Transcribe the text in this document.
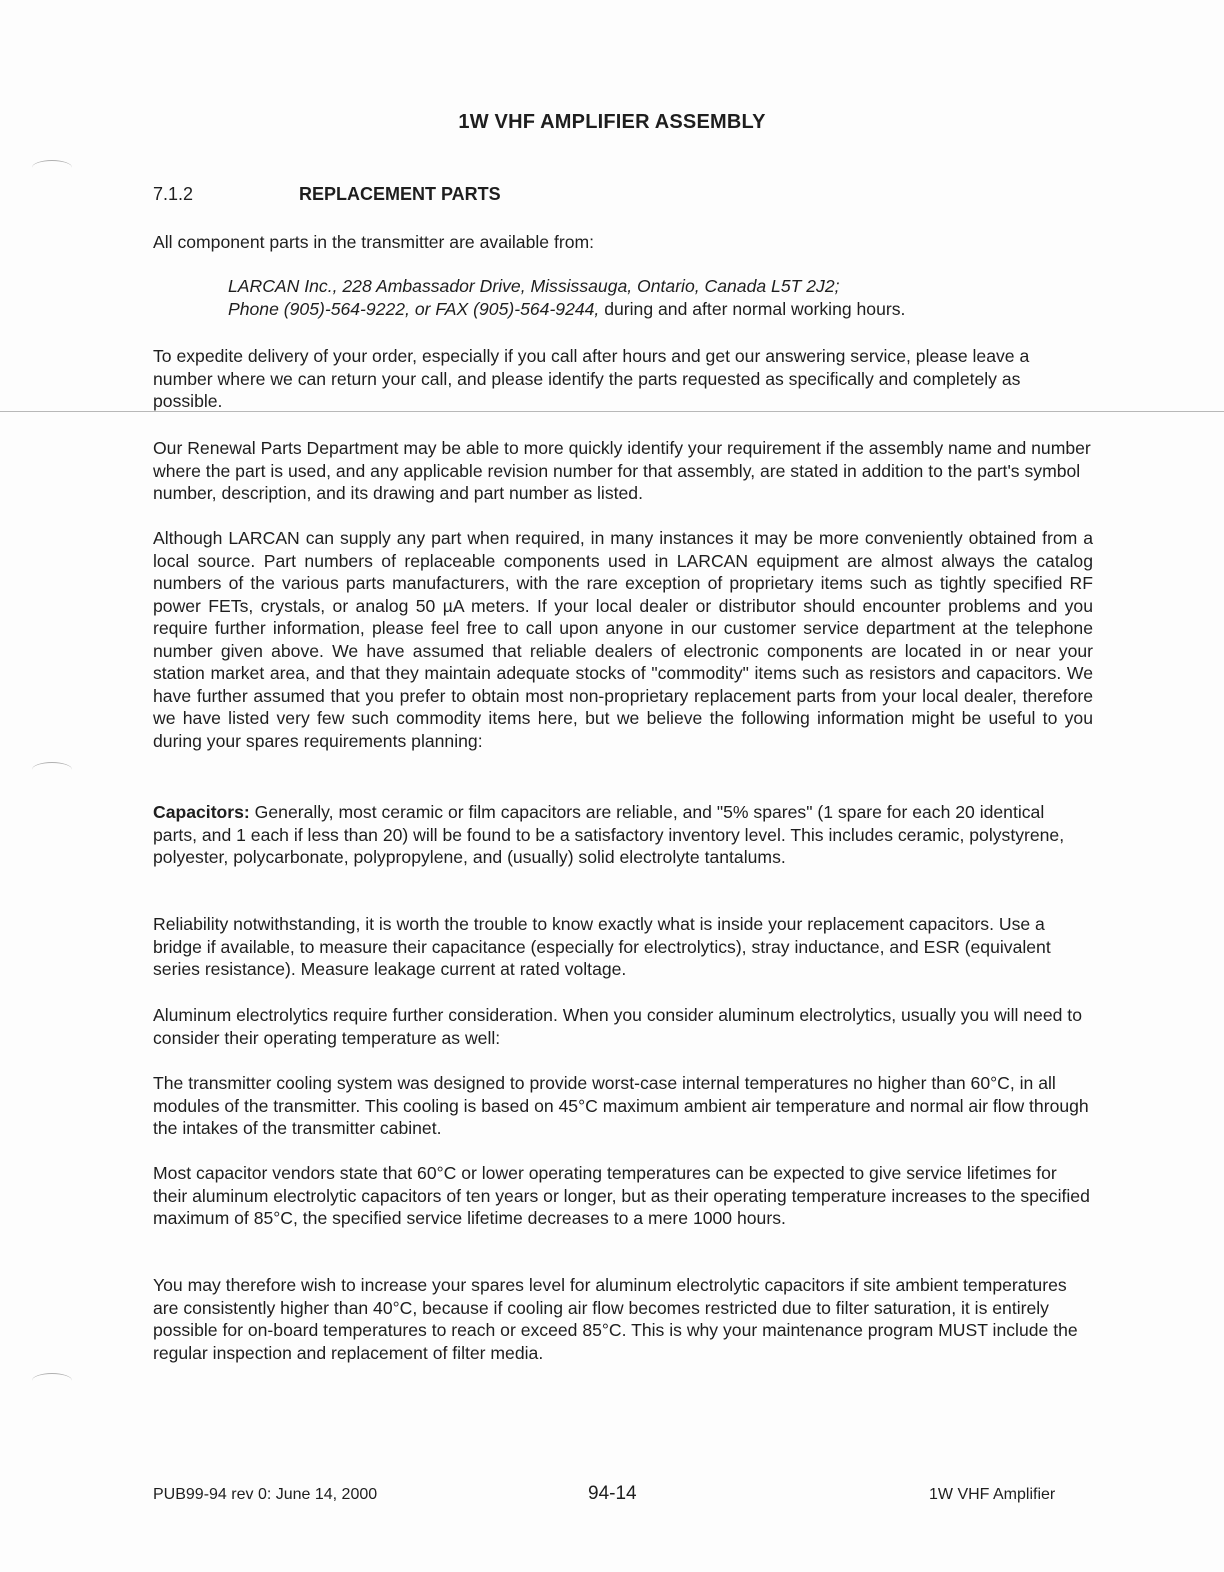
1W VHF AMPLIFIER ASSEMBLY
7.1.2	REPLACEMENT PARTS

All component parts in the transmitter are available from:

LARCAN Inc., 228 Ambassador Drive, Mississauga, Ontario, Canada L5T 2J2;
Phone (905)-564-9222, or FAX (905)-564-9244, during and after normal working hours.

To expedite delivery of your order, especially if you call after hours and get our answering service, please leave a number where we can return your call, and please identify the parts requested as specifically and completely as possible.

Our Renewal Parts Department may be able to more quickly identify your requirement if the assembly name and number where the part is used, and any applicable revision number for that assembly, are stated in addition to the part's symbol number, description, and its drawing and part number as listed.

Although LARCAN can supply any part when required, in many instances it may be more conveniently obtained from a local source. Part numbers of replaceable components used in LARCAN equipment are almost always the catalog numbers of the various parts manufacturers, with the rare exception of proprietary items such as tightly specified RF power FETs, crystals, or analog 50 µA meters. If your local dealer or distributor should encounter problems and you require further information, please feel free to call upon anyone in our customer service department at the telephone number given above. We have assumed that reliable dealers of electronic components are located in or near your station market area, and that they maintain adequate stocks of "commodity" items such as resistors and capacitors. We have further assumed that you prefer to obtain most non-proprietary replacement parts from your local dealer, therefore we have listed very few such commodity items here, but we believe the following information might be useful to you during your spares requirements planning:

Capacitors: Generally, most ceramic or film capacitors are reliable, and "5% spares" (1 spare for each 20 identical parts, and 1 each if less than 20) will be found to be a satisfactory inventory level. This includes ceramic, polystyrene, polyester, polycarbonate, polypropylene, and (usually) solid electrolyte tantalums.

Reliability notwithstanding, it is worth the trouble to know exactly what is inside your replacement capacitors. Use a bridge if available, to measure their capacitance (especially for electrolytics), stray inductance, and ESR (equivalent series resistance). Measure leakage current at rated voltage.

Aluminum electrolytics require further consideration. When you consider aluminum electrolytics, usually you will need to consider their operating temperature as well:

The transmitter cooling system was designed to provide worst-case internal temperatures no higher than 60°C, in all modules of the transmitter. This cooling is based on 45°C maximum ambient air temperature and normal air flow through the intakes of the transmitter cabinet.

Most capacitor vendors state that 60°C or lower operating temperatures can be expected to give service lifetimes for their aluminum electrolytic capacitors of ten years or longer, but as their operating temperature increases to the specified maximum of 85°C, the specified service lifetime decreases to a mere 1000 hours.

You may therefore wish to increase your spares level for aluminum electrolytic capacitors if site ambient temperatures are consistently higher than 40°C, because if cooling air flow becomes restricted due to filter saturation, it is entirely possible for on-board temperatures to reach or exceed 85°C. This is why your maintenance program MUST include the regular inspection and replacement of filter media.

PUB99-94 rev 0: June 14, 2000	94-14	1W VHF Amplifier
